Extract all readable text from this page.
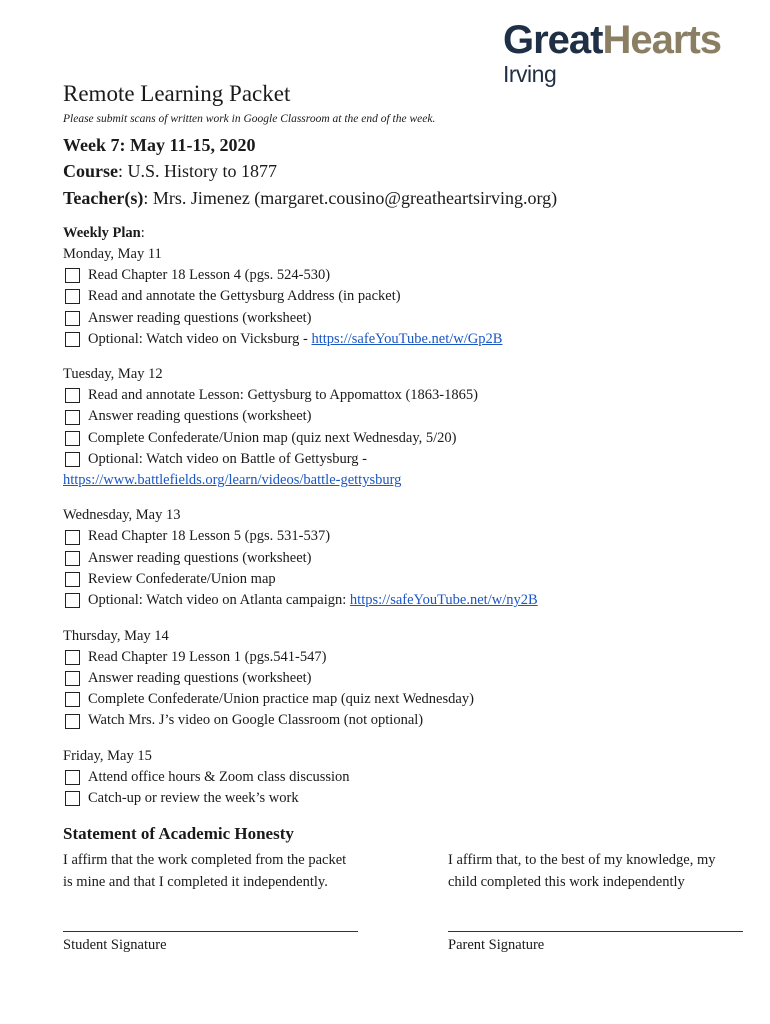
GreatHearts
Irving
Remote Learning Packet
Please submit scans of written work in Google Classroom at the end of the week.
Week 7: May 11-15, 2020
Course: U.S. History to 1877
Teacher(s): Mrs. Jimenez (margaret.cousino@greatheartsirving.org)
Weekly Plan:
Monday, May 11
Read Chapter 18 Lesson 4 (pgs. 524-530)
Read and annotate the Gettysburg Address (in packet)
Answer reading questions (worksheet)
Optional: Watch video on Vicksburg - https://safeYouTube.net/w/Gp2B
Tuesday, May 12
Read and annotate Lesson: Gettysburg to Appomattox (1863-1865)
Answer reading questions (worksheet)
Complete Confederate/Union map (quiz next Wednesday, 5/20)
Optional: Watch video on Battle of Gettysburg -
https://www.battlefields.org/learn/videos/battle-gettysburg
Wednesday, May 13
Read Chapter 18 Lesson 5 (pgs. 531-537)
Answer reading questions (worksheet)
Review Confederate/Union map
Optional: Watch video on Atlanta campaign: https://safeYouTube.net/w/ny2B
Thursday, May 14
Read Chapter 19 Lesson 1 (pgs.541-547)
Answer reading questions (worksheet)
Complete Confederate/Union practice map (quiz next Wednesday)
Watch Mrs. J’s video on Google Classroom (not optional)
Friday, May 15
Attend office hours & Zoom class discussion
Catch-up or review the week’s work
Statement of Academic Honesty
I affirm that the work completed from the packet is mine and that I completed it independently.
Student Signature
I affirm that, to the best of my knowledge, my child completed this work independently
Parent Signature
